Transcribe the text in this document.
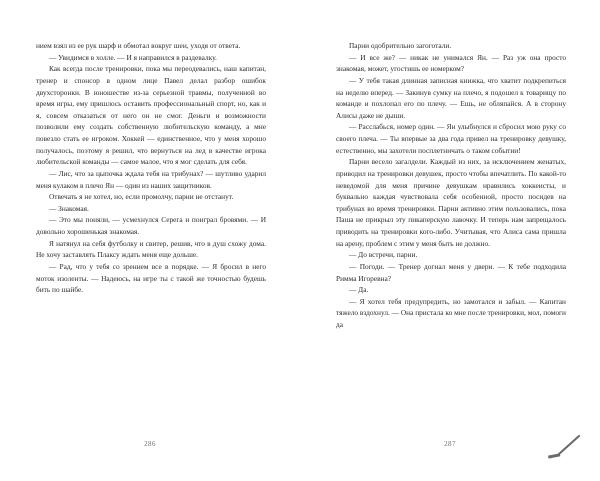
нием взял из ее рук шарф и обмотал вокруг шеи, уходя от ответа.

— Увидимся в холле. — И я направился в раздевалку.

Как всегда после тренировки, пока мы переодевались, наш капитан, тренер и спонсор в одном лице Павел делал разбор ошибок двухсторонки. В юношестве из-за серьезной травмы, полученной во время игры, ему пришлось оставить профессиональный спорт, но, как и я, совсем отказаться от него он не смог. Деньги и возможности позволили ему создать собственную любительскую команду, а мне повезло стать ее игроком. Хоккей — единственное, что у меня хорошо получалось, поэтому я решил, что вернуться на лед в качестве игрока любительской команды — самое малое, что я мог сделать для себя.

— Лис, что за цыпочка ждала тебя на трибунах? — шутливо ударил меня кулаком в плечо Ян — один из наших защитников.

Отвечать я не хотел, но, если промолчу, парни не отстанут.

— Знакомая.

— Это мы поняли, — усмехнулся Серега и поиграл бровями. — И довольно хорошенькая знакомая.

Я натянул на себя футболку и свитер, решив, что в душ схожу дома. Не хочу заставлять Плаксу ждать меня еще дольше.

— Рад, что у тебя со зрением все в порядке. — Я бросил в него моток изоленты. — Надеюсь, на игре ты с такой же точностью будешь бить по шайбе.

286

Парни одобрительно загоготали.

— И все же? — никак не унимался Ян. — Раз уж она просто знакомая, может, угостишь ее номерком?

— У тебя такая длинная записная книжка, что хватит подкрепиться на неделю вперед. — Закинув сумку на плечо, я подошел к товарищу по команде и похлопал его по плечу. — Ешь, не обляпайся. А в сторону Алисы даже не дыши.

— Расслабься, номер один. — Ян улыбнулся и сбросил мою руку со своего плеча. — Ты впервые за два года привел на тренировку девушку, естественно, мы захотели посплетничать о таком событии!

Парни весело загалдели. Каждый из них, за исключением женатых, приводил на тренировки девушек, просто чтобы впечатлить. По какой-то неведомой для меня причине девушкам нравились хоккеисты, и буквально каждая чувствовала себя особенной, просто посидев на трибунах во время тренировки. Парни активно этим пользовались, пока Паша не прикрыл эту пикаперскую лавочку. И теперь нам запрещалось приводить на тренировки кого-либо. Учитывая, что Алиса сама пришла на арену, проблем с этим у меня быть не должно.

— До встречи, парни.

— Погоди. — Тренер догнал меня у двери. — К тебе подходила Римма Игоревна?

— Да.

— Я хотел тебя предупредить, но замотался и забыл. — Капитан тяжело вздохнул. — Она пристала ко мне после тренировки, мол, помоги да

287
